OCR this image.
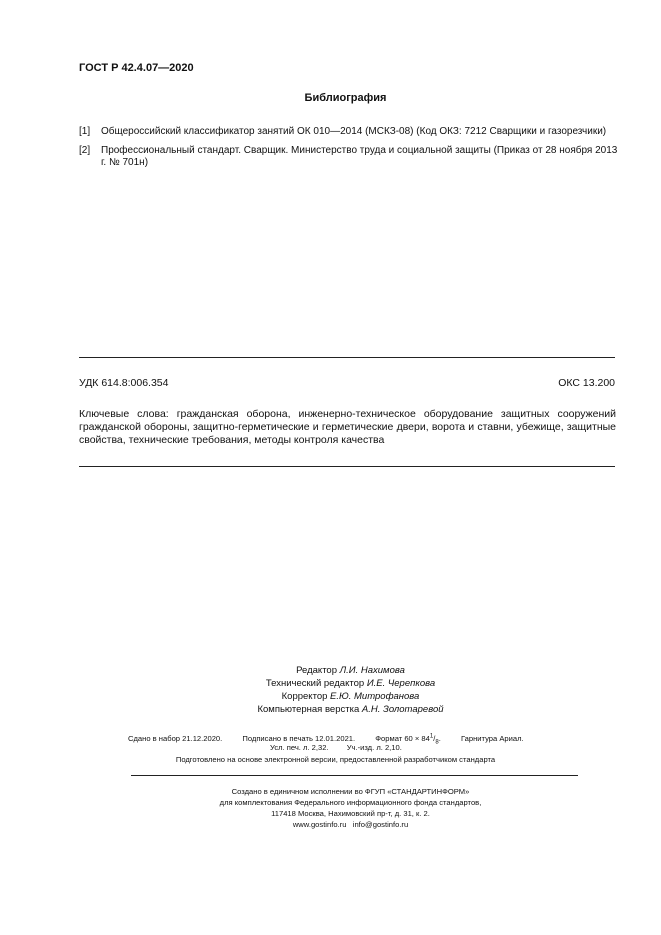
ГОСТ Р 42.4.07—2020
Библиография
[1] Общероссийский классификатор занятий ОК 010—2014 (МСКЗ-08) (Код ОКЗ: 7212 Сварщики и газорезчики)
[2] Профессиональный стандарт. Сварщик. Министерство труда и социальной защиты (Приказ от 28 ноября 2013 г. № 701н)
УДК 614.8:006.354	ОКС 13.200
Ключевые слова: гражданская оборона, инженерно-техническое оборудование защитных сооружений гражданской обороны, защитно-герметические и герметические двери, ворота и ставни, убежище, защитные свойства, технические требования, методы контроля качества
Редактор Л.И. Нахимова
Технический редактор И.Е. Черепкова
Корректор Е.Ю. Митрофанова
Компьютерная верстка А.Н. Золотаревой
Сдано в набор 21.12.2020.	Подписано в печать 12.01.2021.	Формат $60 \times 84^1/_8$.	Гарнитура Ариал.
Усл. печ. л. 2,32. Уч.-изд. л. 2,10.
Подготовлено на основе электронной версии, предоставленной разработчиком стандарта
Создано в единичном исполнении во ФГУП «СТАНДАРТИНФОРМ»
для комплектования Федерального информационного фонда стандартов,
117418 Москва, Нахимовский пр-т, д. 31, к. 2.
www.gostinfo.ru info@gostinfo.ru
